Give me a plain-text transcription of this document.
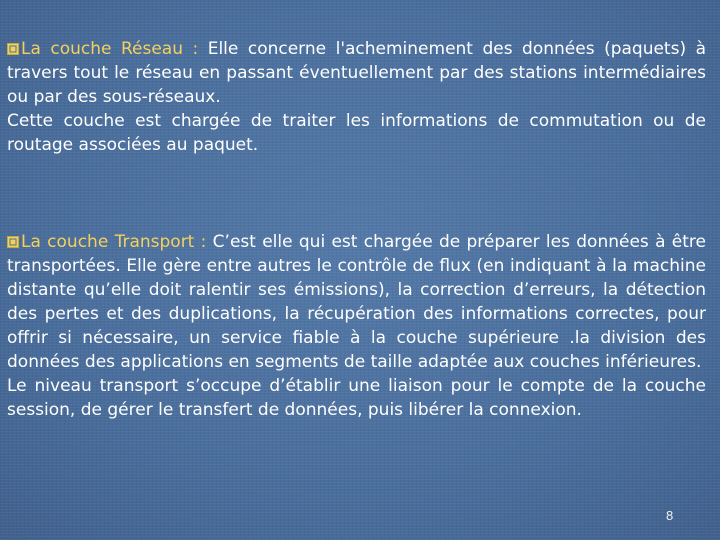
La couche Réseau : Elle concerne l'acheminement des données (paquets) à travers tout le réseau en passant éventuellement par des stations intermédiaires ou par des sous-réseaux.

Cette couche est chargée de traiter les informations de commutation ou de routage associées au paquet.

La couche Transport : C’est elle qui est chargée de préparer les données à être transportées. Elle gère entre autres le contrôle de flux (en indiquant à la machine distante qu’elle doit ralentir ses émissions), la correction d’erreurs, la détection des pertes et des duplications, la récupération des informations correctes, pour offrir si nécessaire, un service fiable à la couche supérieure .la division des données des applications en segments de taille adaptée aux couches inférieures.

Le niveau transport s’occupe d’établir une liaison pour le compte de la couche session, de gérer le transfert de données, puis libérer la connexion.

8
